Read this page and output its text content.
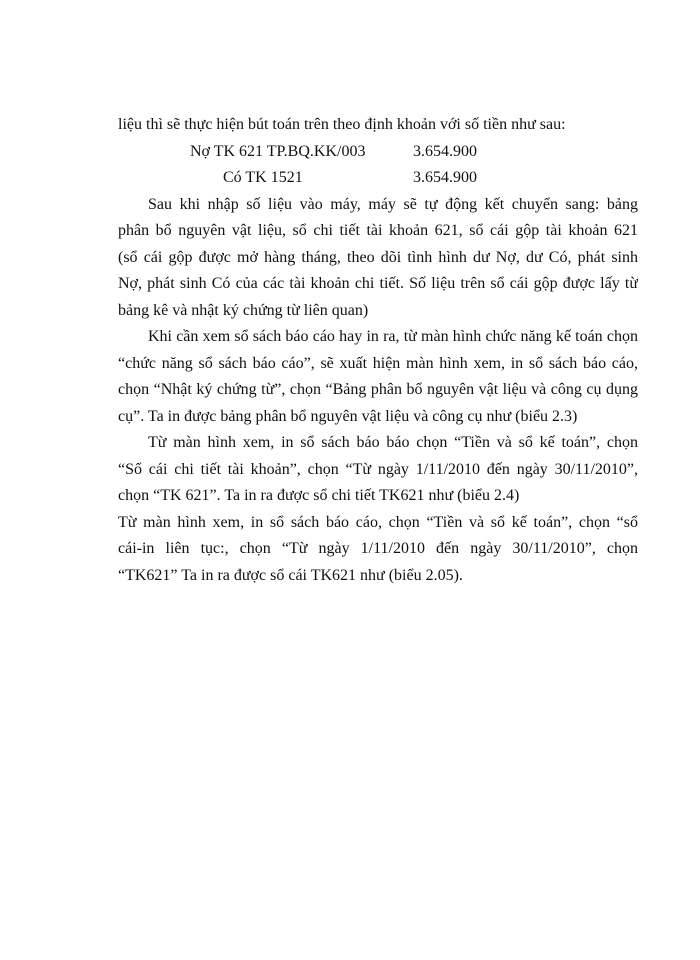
liệu thì sẽ thực hiện bút toán trên theo định khoản với số tiền như sau:
Nợ TK 621 TP.BQ.KK/003	3.654.900
Có TK 1521	3.654.900
Sau khi nhập số liệu vào máy, máy sẽ tự động kết chuyển sang: bảng
phân bổ nguyên vật liệu, sổ chi tiết tài khoản 621, sổ cái gộp tài khoản 621
(sổ cái gộp được mở hàng tháng, theo dõi tình hình dư Nợ, dư Có, phát sinh
Nợ, phát sinh Có của các tài khoản chi tiết. Số liệu trên sổ cái gộp được lấy từ
bảng kê và nhật ký chứng từ liên quan)
Khi cần xem sổ sách báo cáo hay in ra, từ màn hình chức năng kế toán chọn
“chức năng sổ sách báo cáo”, sẽ xuất hiện màn hình xem, in sổ sách báo cáo,
chọn “Nhật ký chứng từ”, chọn “Bảng phân bổ nguyên vật liệu và công cụ dụng
cụ”. Ta in được bảng phân bổ nguyên vật liệu và công cụ như (biểu 2.3)
Từ màn hình xem, in sổ sách báo báo chọn “Tiền và sổ kế toán”, chọn
“Sổ cái chi tiết tài khoản”, chọn “Từ ngày 1/11/2010 đến ngày 30/11/2010”,
chọn “TK 621”. Ta in ra được sổ chi tiết TK621 như (biểu 2.4)
Từ màn hình xem, in sổ sách báo cáo, chọn “Tiền và sổ kế toán”, chọn “sổ
cái-in liên tục:, chọn “Từ ngày 1/11/2010 đến ngày 30/11/2010”, chọn
“TK621” Ta in ra được sổ cái TK621 như (biểu 2.05).
